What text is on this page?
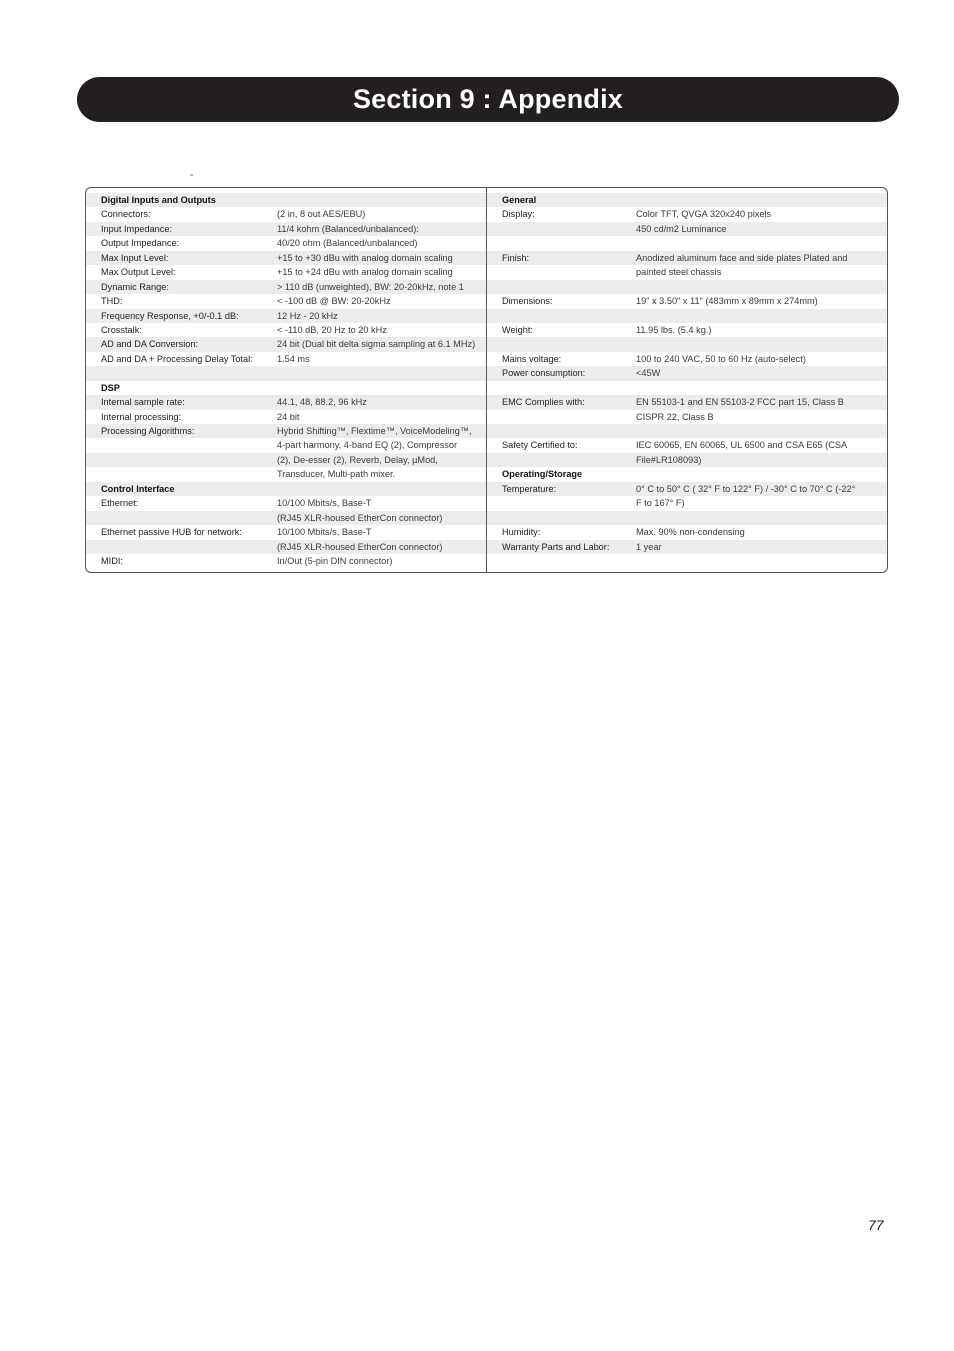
Section 9 : Appendix
-
Digital Inputs and Outputs
Connectors:	(2 in, 8 out AES/EBU)
Input Impedance:	11/4 kohm (Balanced/unbalanced):
Output Impedance:	40/20 ohm (Balanced/unbalanced)
Max Input Level:	+15 to +30 dBu with analog domain scaling
Max Output Level:	+15 to +24 dBu with analog domain scaling
Dynamic Range:	> 110 dB (unweighted), BW: 20-20kHz, note 1
THD:	< -100 dB @ BW: 20-20kHz
Frequency Response, +0/-0.1 dB:	12 Hz - 20 kHz
Crosstalk:	< -110 dB, 20 Hz to 20 kHz
AD and DA Conversion:	24 bit (Dual bit delta sigma sampling at 6.1 MHz)
AD and DA + Processing Delay Total:	1.54 ms
DSP
Internal sample rate:	44.1, 48, 88.2, 96 kHz
Internal processing:	24 bit
Processing Algorithms:	Hybrid Shifting™, Flextime™, VoiceModeling™,
4-part harmony, 4-band EQ (2), Compressor
(2), De-esser (2), Reverb, Delay, µMod,
Transducer, Multi-path mixer.
Control Interface
Ethernet:	10/100 Mbits/s, Base-T
(RJ45 XLR-housed EtherCon connector)
Ethernet passive HUB for network:	10/100 Mbits/s, Base-T
(RJ45 XLR-housed EtherCon connector)
MIDI:	In/Out (5-pin DIN connector)
General
Display:	Color TFT, QVGA 320x240 pixels
450 cd/m2 Luminance
Finish:	Anodized aluminum face and side plates Plated and
painted steel chassis
Dimensions:	19" x 3.50" x 11" (483mm x 89mm x 274mm)
Weight:	11.95 lbs. (5.4 kg.)
Mains voltage:	100 to 240 VAC, 50 to 60 Hz (auto-select)
Power consumption:	<45W
EMC Complies with:	EN 55103-1 and EN 55103-2 FCC part 15, Class B
CISPR 22, Class B
Safety Certified to:	IEC 60065, EN 60065, UL 6500 and CSA E65 (CSA
File#LR108093)
Operating/Storage
Temperature:	0° C to 50° C ( 32° F to 122° F) / -30° C to 70° C (-22°
F to 167° F)
Humidity:	Max. 90% non-condensing
Warranty Parts and Labor:	1 year
77
